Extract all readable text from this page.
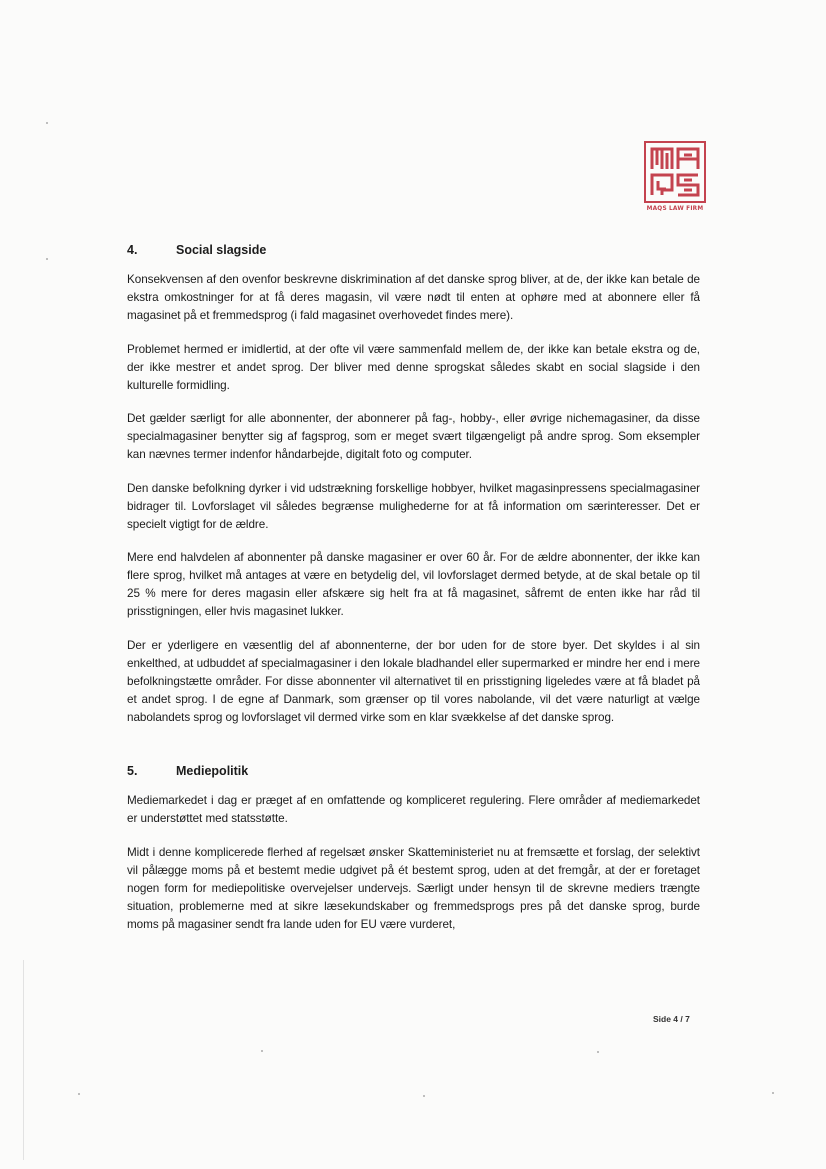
MAQS LAW FIRM
4.	Social slagside

Konsekvensen af den ovenfor beskrevne diskrimination af det danske sprog bliver, at de, der ikke kan betale de ekstra omkostninger for at få deres magasin, vil være nødt til enten at ophøre med at abonnere eller få magasinet på et fremmedsprog (i fald magasinet overhovedet findes mere).

Problemet hermed er imidlertid, at der ofte vil være sammenfald mellem de, der ikke kan betale ekstra og de, der ikke mestrer et andet sprog. Der bliver med denne sprogskat således skabt en social slagside i den kulturelle formidling.

Det gælder særligt for alle abonnenter, der abonnerer på fag-, hobby-, eller øvrige nichemagasiner, da disse specialmagasiner benytter sig af fagsprog, som er meget svært tilgængeligt på andre sprog. Som eksempler kan nævnes termer indenfor håndarbejde, digitalt foto og computer.

Den danske befolkning dyrker i vid udstrækning forskellige hobbyer, hvilket magasinpressens specialmagasiner bidrager til. Lovforslaget vil således begrænse mulighederne for at få information om særinteresser. Det er specielt vigtigt for de ældre.

Mere end halvdelen af abonnenter på danske magasiner er over 60 år. For de ældre abonnenter, der ikke kan flere sprog, hvilket må antages at være en betydelig del, vil lovforslaget dermed betyde, at de skal betale op til 25 % mere for deres magasin eller afskære sig helt fra at få magasinet, såfremt de enten ikke har råd til prisstigningen, eller hvis magasinet lukker.

Der er yderligere en væsentlig del af abonnenterne, der bor uden for de store byer. Det skyldes i al sin enkelthed, at udbuddet af specialmagasiner i den lokale bladhandel eller supermarked er mindre her end i mere befolkningstætte områder. For disse abonnenter vil alternativet til en prisstigning ligeledes være at få bladet på et andet sprog. I de egne af Danmark, som grænser op til vores nabolande, vil det være naturligt at vælge nabolandets sprog og lovforslaget vil dermed virke som en klar svækkelse af det danske sprog.

5.	Mediepolitik

Mediemarkedet i dag er præget af en omfattende og kompliceret regulering. Flere områder af mediemarkedet er understøttet med statsstøtte.

Midt i denne komplicerede flerhed af regelsæt ønsker Skatteministeriet nu at fremsætte et forslag, der selektivt vil pålægge moms på et bestemt medie udgivet på ét bestemt sprog, uden at det fremgår, at der er foretaget nogen form for mediepolitiske overvejelser undervejs. Særligt under hensyn til de skrevne mediers trængte situation, problemerne med at sikre læsekundskaber og fremmedsprogs pres på det danske sprog, burde moms på magasiner sendt fra lande uden for EU være vurderet,

Side 4 / 7
